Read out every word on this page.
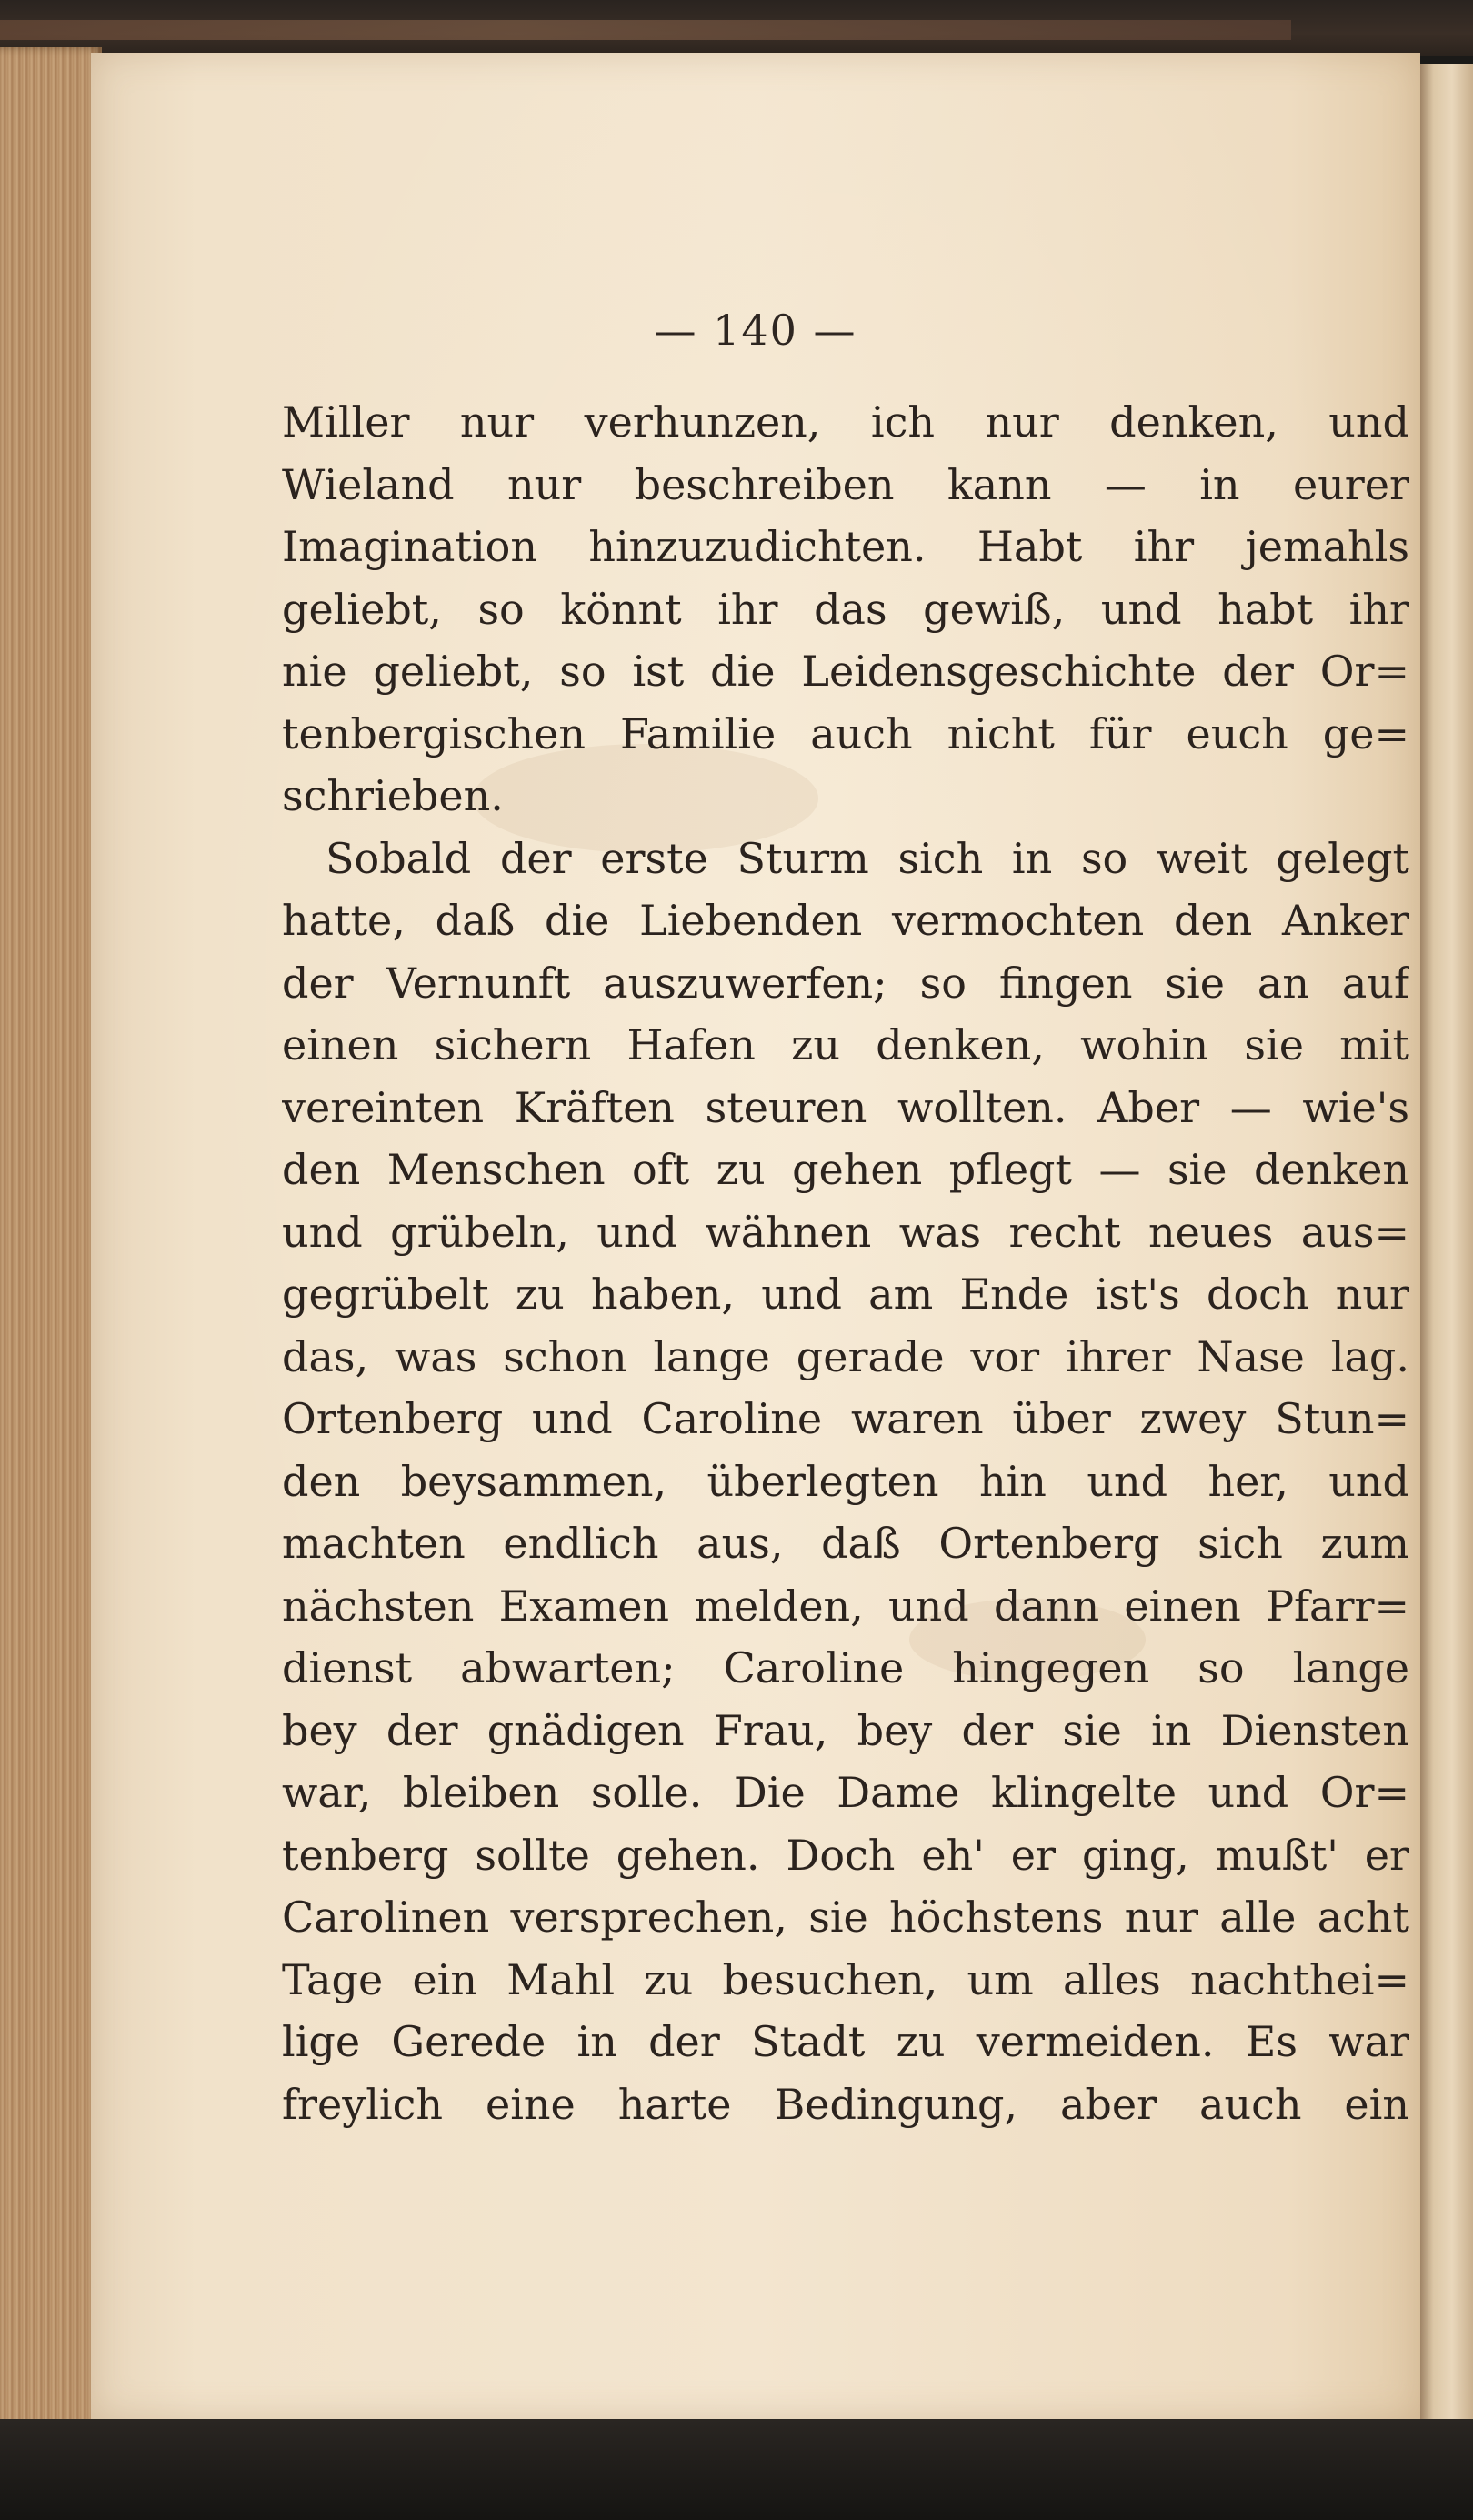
— 140 —

Miller nur verhunzen, ich nur denken, und
Wieland nur beschreiben kann — in eurer
Imagination hinzuzudichten. Habt ihr jemahls
geliebt, so könnt ihr das gewiß, und habt ihr
nie geliebt, so ist die Leidensgeschichte der Or=
tenbergischen Familie auch nicht für euch ge=
schrieben.
Sobald der erste Sturm sich in so weit gelegt
hatte, daß die Liebenden vermochten den Anker
der Vernunft auszuwerfen; so fingen sie an auf
einen sichern Hafen zu denken, wohin sie mit
vereinten Kräften steuren wollten. Aber — wie's
den Menschen oft zu gehen pflegt — sie denken
und grübeln, und wähnen was recht neues aus=
gegrübelt zu haben, und am Ende ist's doch nur
das, was schon lange gerade vor ihrer Nase lag.
Ortenberg und Caroline waren über zwey Stun=
den beysammen, überlegten hin und her, und
machten endlich aus, daß Ortenberg sich zum
nächsten Examen melden, und dann einen Pfarr=
dienst abwarten; Caroline hingegen so lange
bey der gnädigen Frau, bey der sie in Diensten
war, bleiben solle. Die Dame klingelte und Or=
tenberg sollte gehen. Doch eh' er ging, mußt' er
Carolinen versprechen, sie höchstens nur alle acht
Tage ein Mahl zu besuchen, um alles nachthei=
lige Gerede in der Stadt zu vermeiden. Es war
freylich eine harte Bedingung, aber auch ein
